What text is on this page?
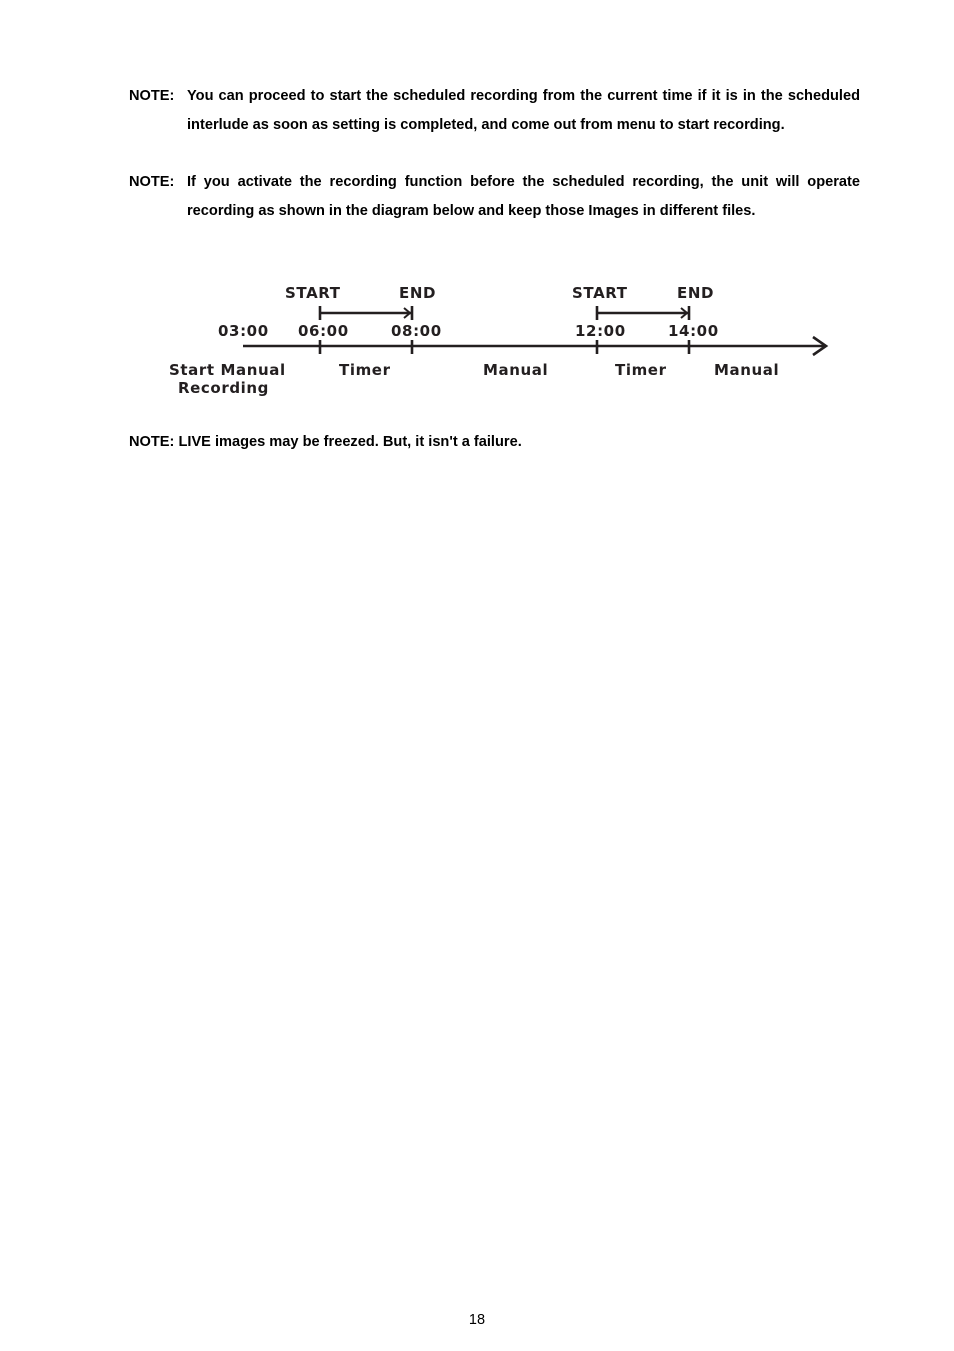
NOTE: You can proceed to start the scheduled recording from the current time if it is in the scheduled interlude as soon as setting is completed, and come out from menu to start recording.
NOTE: If you activate the recording function before the scheduled recording, the unit will operate recording as shown in the diagram below and keep those Images in different files.
START	END	START	END
03:00 06:00	08:00	12:00	14:00
Start Manual
Recording
Timer	Manual	Timer	Manual
NOTE: LIVE images may be freezed. But, it isn't a failure.
18
